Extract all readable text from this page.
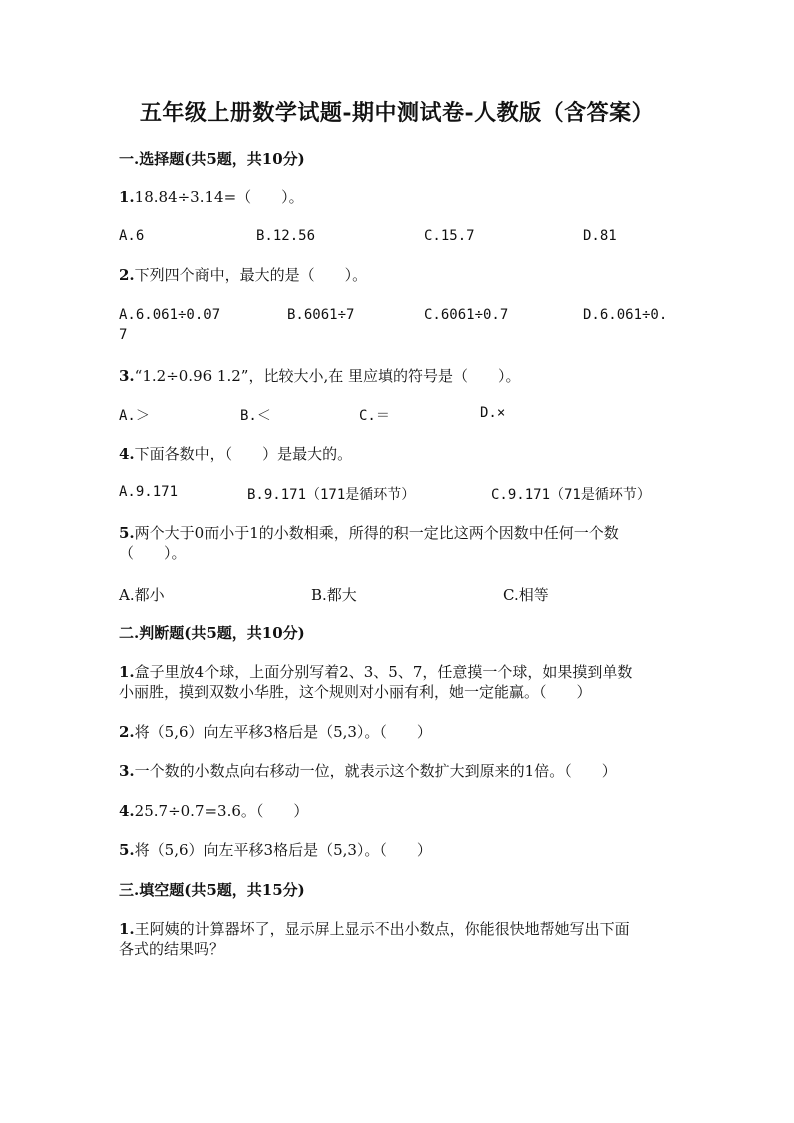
五年级上册数学试题-期中测试卷-人教版（含答案）
一.选择题(共5题，共10分)
1.18.84÷3.14=（　　）。
A.6	B.12.56	C.15.7	D.81
2.下列四个商中，最大的是（　　）。
A.6.061÷0.07	B.6061÷7	C.6061÷0.7	D.6.061÷0.
7
3.“1.2÷0.96 1.2”，比较大小,在 里应填的符号是（　　）。
A.＞	B.＜	C.＝	D.×
4.下面各数中，（　　）是最大的。
A.9.171	B.9.171（171是循环节）	C.9.171（71是循环节）
5.两个大于0而小于1的小数相乘，所得的积一定比这两个因数中任何一个数
（　　）。
A.都小	B.都大	C.相等
二.判断题(共5题，共10分)
1.盒子里放4个球，上面分别写着2、3、5、7，任意摸一个球，如果摸到单数
小丽胜，摸到双数小华胜，这个规则对小丽有利，她一定能赢。（　　）
2.将（5,6）向左平移3格后是（5,3）。（　　）
3.一个数的小数点向右移动一位，就表示这个数扩大到原来的1倍。（　　）
4.25.7÷0.7=3.6。（　　）
5.将（5,6）向左平移3格后是（5,3）。（　　）
三.填空题(共5题，共15分)
1.王阿姨的计算器坏了，显示屏上显示不出小数点，你能很快地帮她写出下面
各式的结果吗？
